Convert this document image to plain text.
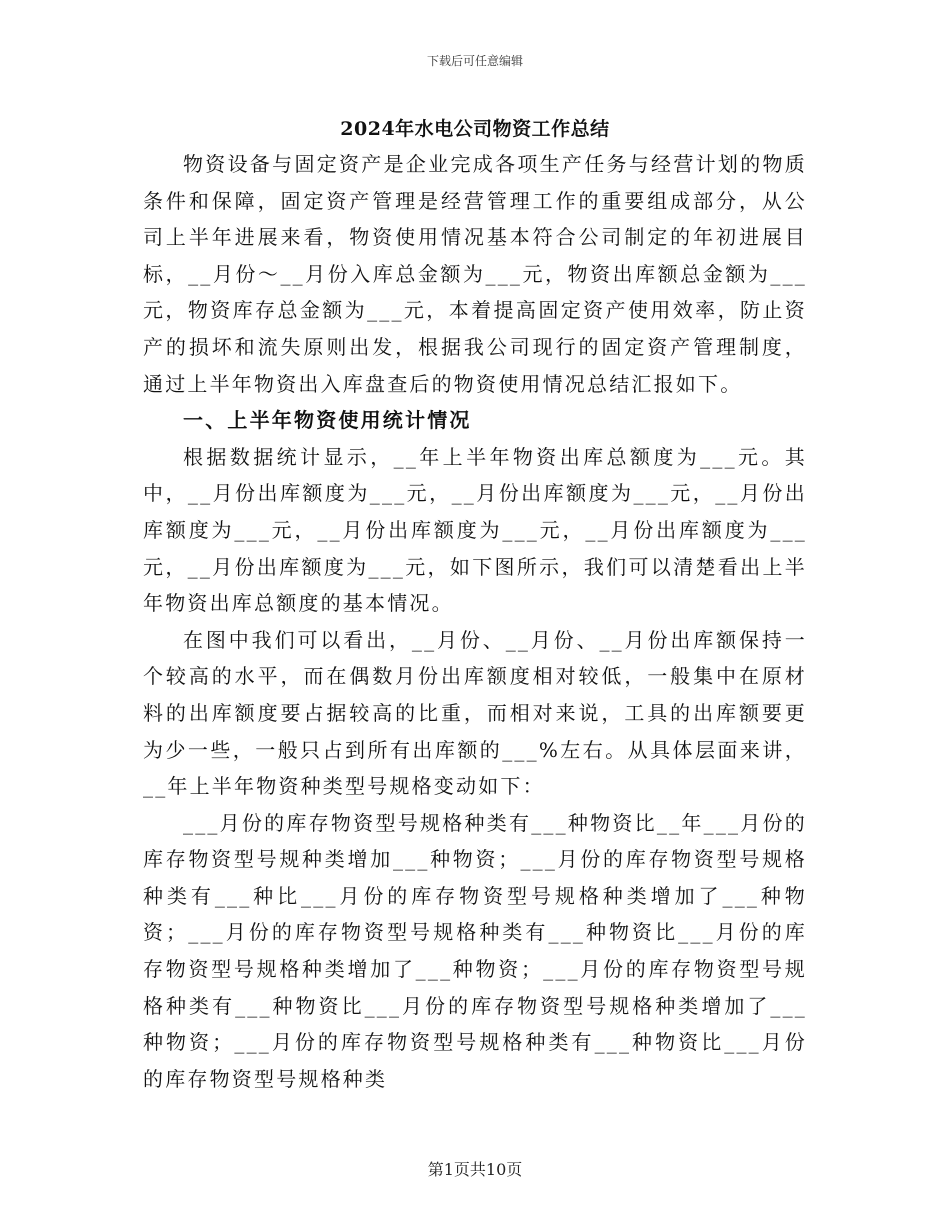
下载后可任意编辑
2024年水电公司物资工作总结

物资设备与固定资产是企业完成各项生产任务与经营计划的物质条件和保障，固定资产管理是经营管理工作的重要组成部分，从公司上半年进展来看，物资使用情况基本符合公司制定的年初进展目标，__月份～__月份入库总金额为___元，物资出库额总金额为___元，物资库存总金额为___元，本着提高固定资产使用效率，防止资产的损坏和流失原则出发，根据我公司现行的固定资产管理制度，通过上半年物资出入库盘查后的物资使用情况总结汇报如下。

一、上半年物资使用统计情况

根据数据统计显示，__年上半年物资出库总额度为___元。其中，__月份出库额度为___元，__月份出库额度为___元，__月份出库额度为___元，__月份出库额度为___元，__月份出库额度为___元，__月份出库额度为___元，如下图所示，我们可以清楚看出上半年物资出库总额度的基本情况。

在图中我们可以看出，__月份、__月份、__月份出库额保持一个较高的水平，而在偶数月份出库额度相对较低，一般集中在原材料的出库额度要占据较高的比重，而相对来说，工具的出库额要更为少一些，一般只占到所有出库额的___%左右。从具体层面来讲，__年上半年物资种类型号规格变动如下：

___月份的库存物资型号规格种类有___种物资比__年___月份的库存物资型号规种类增加___种物资；___月份的库存物资型号规格种类有___种比___月份的库存物资型号规格种类增加了___种物资；___月份的库存物资型号规格种类有___种物资比___月份的库存物资型号规格种类增加了___种物资；___月份的库存物资型号规格种类有___种物资比___月份的库存物资型号规格种类增加了___种物资；___月份的库存物资型号规格种类有___种物资比___月份的库存物资型号规格种类

第1页共10页
